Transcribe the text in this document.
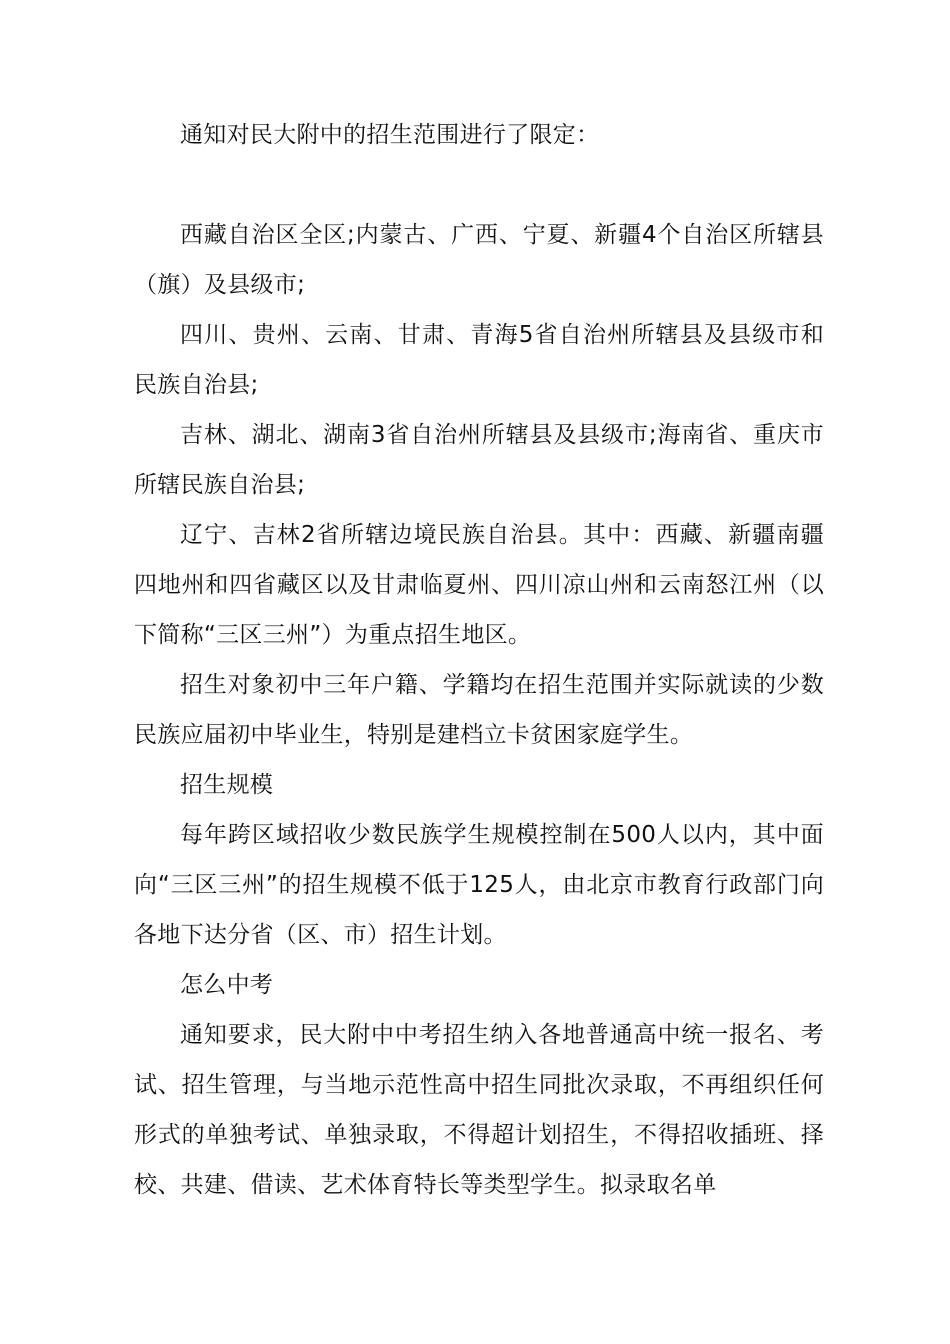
通知对民大附中的招生范围进行了限定：

西藏自治区全区;内蒙古、广西、宁夏、新疆4个自治区所辖县（旗）及县级市;

四川、贵州、云南、甘肃、青海5省自治州所辖县及县级市和民族自治县;

吉林、湖北、湖南3省自治州所辖县及县级市;海南省、重庆市所辖民族自治县;

辽宁、吉林2省所辖边境民族自治县。其中：西藏、新疆南疆四地州和四省藏区以及甘肃临夏州、四川凉山州和云南怒江州（以下简称“三区三州”）为重点招生地区。

招生对象初中三年户籍、学籍均在招生范围并实际就读的少数民族应届初中毕业生，特别是建档立卡贫困家庭学生。

招生规模

每年跨区域招收少数民族学生规模控制在500人以内，其中面向“三区三州”的招生规模不低于125人，由北京市教育行政部门向各地下达分省（区、市）招生计划。

怎么中考

通知要求，民大附中中考招生纳入各地普通高中统一报名、考试、招生管理，与当地示范性高中招生同批次录取，不再组织任何形式的单独考试、单独录取，不得超计划招生，不得招收插班、择校、共建、借读、艺术体育特长等类型学生。拟录取名单
